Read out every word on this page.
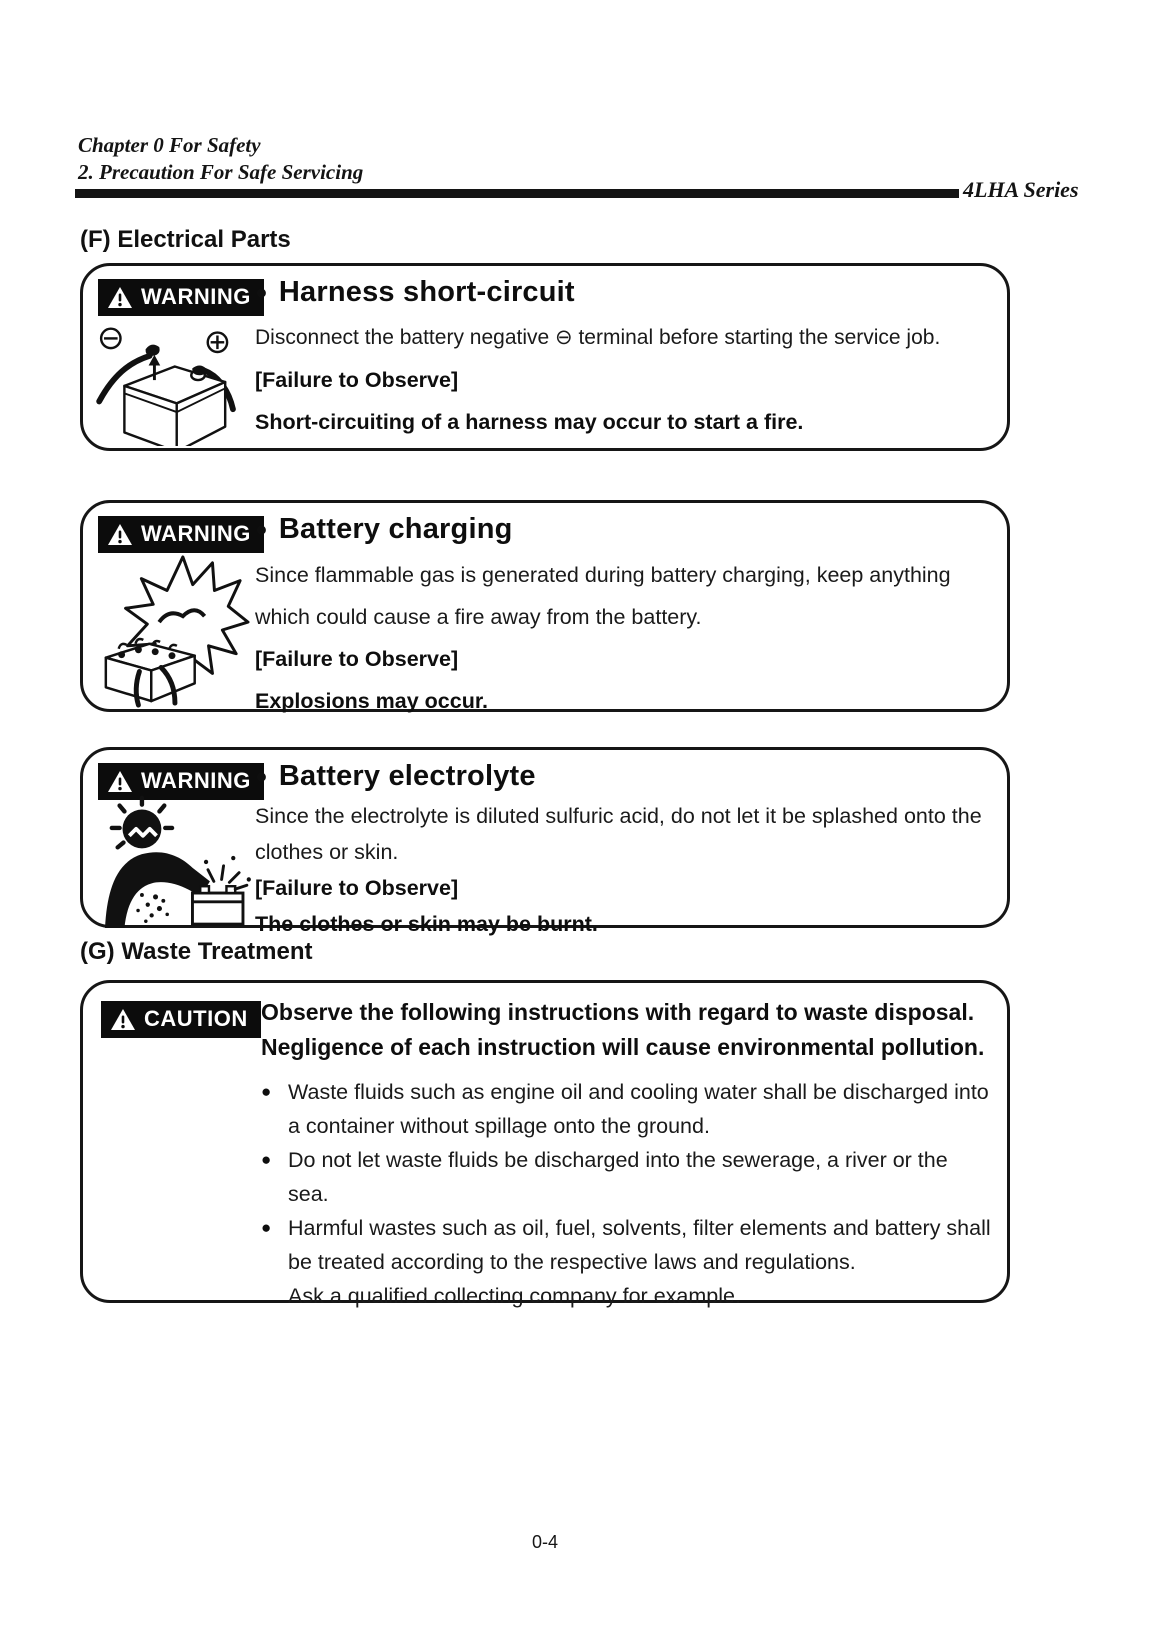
Chapter 0 For Safety
2. Precaution For Safe Servicing
4LHA Series
(F) Electrical Parts
WARNING ● Harness short-circuit
Disconnect the battery negative ⊖ terminal before starting the service job.
[Failure to Observe]
Short-circuiting of a harness may occur to start a fire.
WARNING ● Battery charging
Since flammable gas is generated during battery charging, keep anything which could cause a fire away from the battery.
[Failure to Observe]
Explosions may occur.
WARNING ● Battery electrolyte
Since the electrolyte is diluted sulfuric acid, do not let it be splashed onto the clothes or skin.
[Failure to Observe]
The clothes or skin may be burnt.
(G) Waste Treatment
CAUTION Observe the following instructions with regard to waste disposal.
Negligence of each instruction will cause environmental pollution.
● Waste fluids such as engine oil and cooling water shall be discharged into a container without spillage onto the ground.
● Do not let waste fluids be discharged into the sewerage, a river or the sea.
● Harmful wastes such as oil, fuel, solvents, filter elements and battery shall be treated according to the respective laws and regulations.
Ask a qualified collecting company for example.
0-4
